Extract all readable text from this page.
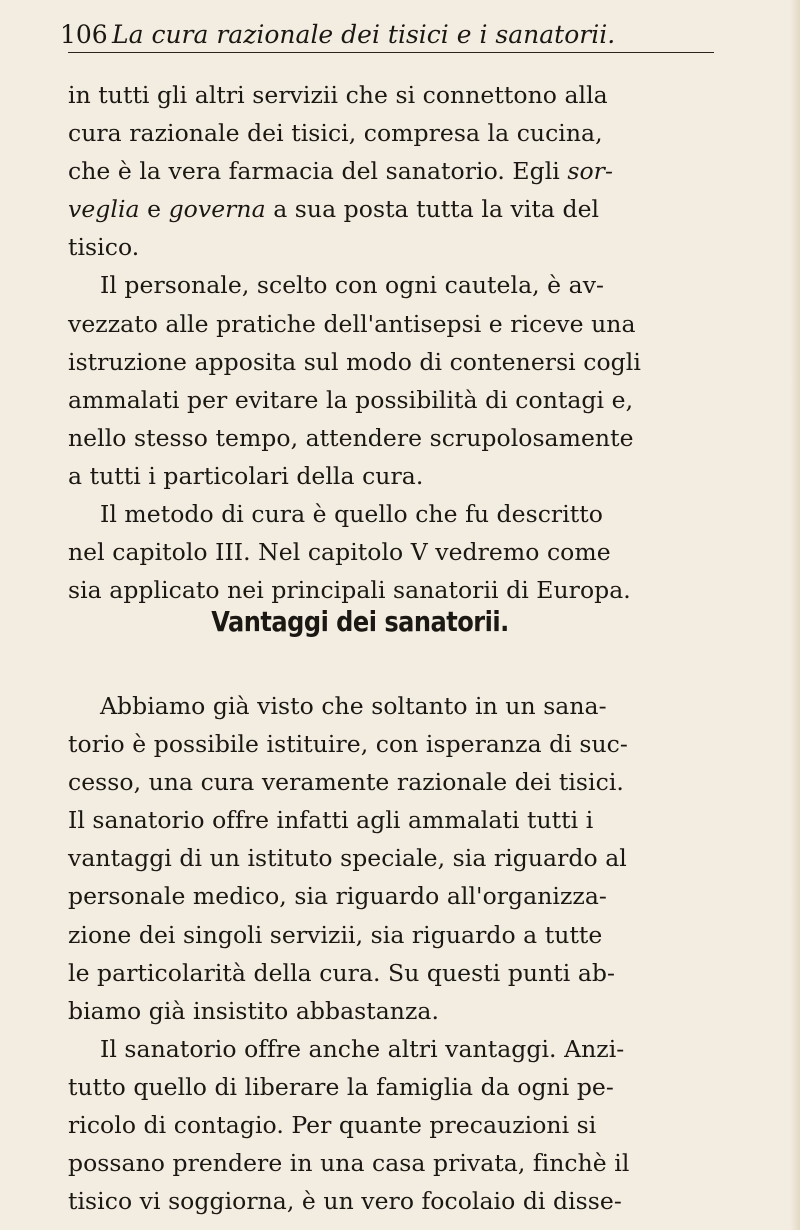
106 La cura razionale dei tisici e i sanatorii.
in tutti gli altri servizii che si connettono alla
cura razionale dei tisici, compresa la cucina,
che è la vera farmacia del sanatorio. Egli sor-
veglia e governa a sua posta tutta la vita del
tisico.
Il personale, scelto con ogni cautela, è av-
vezzato alle pratiche dell'antisepsi e riceve una
istruzione apposita sul modo di contenersi cogli
ammalati per evitare la possibilità di contagi e,
nello stesso tempo, attendere scrupolosamente
a tutti i particolari della cura.
Il metodo di cura è quello che fu descritto
nel capitolo III. Nel capitolo V vedremo come
sia applicato nei principali sanatorii di Europa.
Vantaggi dei sanatorii.
Abbiamo già visto che soltanto in un sana-
torio è possibile istituire, con isperanza di suc-
cesso, una cura veramente razionale dei tisici.
Il sanatorio offre infatti agli ammalati tutti i
vantaggi di un istituto speciale, sia riguardo al
personale medico, sia riguardo all'organizza-
zione dei singoli servizii, sia riguardo a tutte
le particolarità della cura. Su questi punti ab-
biamo già insistito abbastanza.
Il sanatorio offre anche altri vantaggi. Anzi-
tutto quello di liberare la famiglia da ogni pe-
ricolo di contagio. Per quante precauzioni si
possano prendere in una casa privata, finchè il
tisico vi soggiorna, è un vero focolaio di disse-
